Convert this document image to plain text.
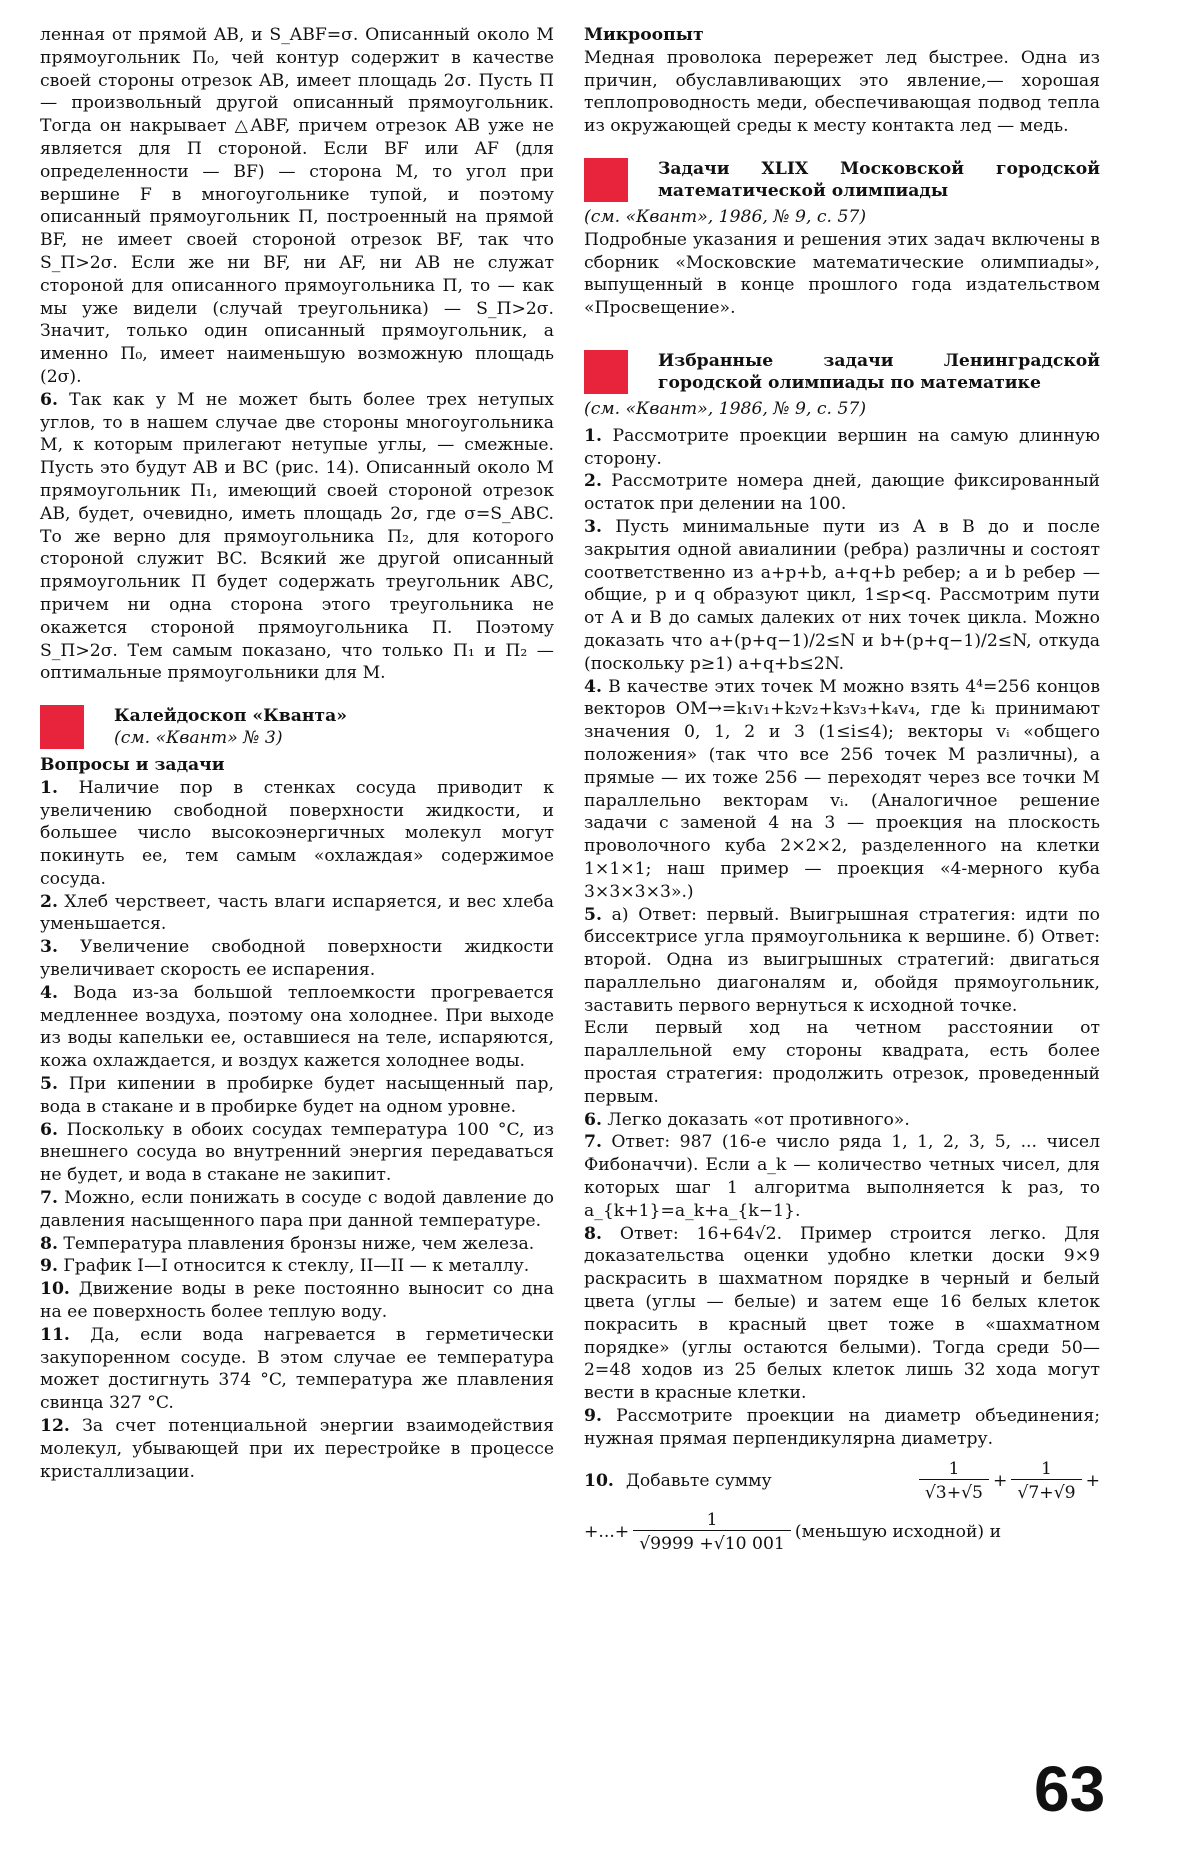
ленная от прямой AB, и S_ABF=σ. Описанный около M прямоугольник Π₀, чей контур содержит в качестве своей стороны отрезок AB, имеет площадь 2σ. Пусть Π — произвольный другой описанный прямоугольник. Тогда он накрывает △ABF, причем отрезок AB уже не является для Π стороной. Если BF или AF (для определенности — BF) — сторона M, то угол при вершине F в многоугольнике тупой, и поэтому описанный прямоугольник Π, построенный на прямой BF, не имеет своей стороной отрезок BF, так что S_Π>2σ. Если же ни BF, ни AF, ни AB не служат стороной для описанного прямоугольника Π, то — как мы уже видели (случай треугольника) — S_Π>2σ. Значит, только один описанный прямоугольник, а именно Π₀, имеет наименьшую возможную площадь (2σ).

6. Так как у M не может быть более трех нетупых углов, то в нашем случае две стороны многоугольника M, к которым прилегают нетупые углы, — смежные. Пусть это будут AB и BC (рис. 14). Описанный около M прямоугольник Π₁, имеющий своей стороной отрезок AB, будет, очевидно, иметь площадь 2σ, где σ=S_ABC. То же верно для прямоугольника Π₂, для которого стороной служит BC. Всякий же другой описанный прямоугольник Π будет содержать треугольник ABC, причем ни одна сторона этого треугольника не окажется стороной прямоугольника Π. Поэтому S_Π>2σ. Тем самым показано, что только Π₁ и Π₂ — оптимальные прямоугольники для M.

Калейдоскоп «Кванта»
(см. «Квант» № 3)

Вопросы и задачи

1. Наличие пор в стенках сосуда приводит к увеличению свободной поверхности жидкости, и большее число высокоэнергичных молекул могут покинуть ее, тем самым «охлаждая» содержимое сосуда.

2. Хлеб черствеет, часть влаги испаряется, и вес хлеба уменьшается.

3. Увеличение свободной поверхности жидкости увеличивает скорость ее испарения.

4. Вода из-за большой теплоемкости прогревается медленнее воздуха, поэтому она холоднее. При выходе из воды капельки ее, оставшиеся на теле, испаряются, кожа охлаждается, и воздух кажется холоднее воды.

5. При кипении в пробирке будет насыщенный пар, вода в стакане и в пробирке будет на одном уровне.

6. Поскольку в обоих сосудах температура 100 °C, из внешнего сосуда во внутренний энергия передаваться не будет, и вода в стакане не закипит.

7. Можно, если понижать в сосуде с водой давление до давления насыщенного пара при данной температуре.

8. Температура плавления бронзы ниже, чем железа.

9. График I—I относится к стеклу, II—II — к металлу.

10. Движение воды в реке постоянно выносит со дна на ее поверхность более теплую воду.

11. Да, если вода нагревается в герметически закупоренном сосуде. В этом случае ее температура может достигнуть 374 °C, температура же плавления свинца 327 °C.

12. За счет потенциальной энергии взаимодействия молекул, убывающей при их перестройке в процессе кристаллизации.

Микроопыт

Медная проволока перережет лед быстрее. Одна из причин, обуславливающих это явление,— хорошая теплопроводность меди, обеспечивающая подвод тепла из окружающей среды к месту контакта лед — медь.

Задачи XLIX Московской городской математической олимпиады

(см. «Квант», 1986, № 9, с. 57)

Подробные указания и решения этих задач включены в сборник «Московские математические олимпиады», выпущенный в конце прошлого года издательством «Просвещение».

Избранные задачи Ленинградской городской олимпиады по математике

(см. «Квант», 1986, № 9, с. 57)

1. Рассмотрите проекции вершин на самую длинную сторону.

2. Рассмотрите номера дней, дающие фиксированный остаток при делении на 100.

3. Пусть минимальные пути из A в B до и после закрытия одной авиалинии (ребра) различны и состоят соответственно из a+p+b, a+q+b ребер; a и b ребер — общие, p и q образуют цикл, 1≤p<q. Рассмотрим пути от A и B до самых далеких от них точек цикла. Можно доказать что a+(p+q−1)/2≤N и b+(p+q−1)/2≤N, откуда (поскольку p≥1) a+q+b≤2N.

4. В качестве этих точек M можно взять 4⁴=256 концов векторов OM→=k₁v₁+k₂v₂+k₃v₃+k₄v₄, где kᵢ принимают значения 0, 1, 2 и 3 (1≤i≤4); векторы vᵢ «общего положения» (так что все 256 точек M различны), а прямые — их тоже 256 — переходят через все точки M параллельно векторам vᵢ. (Аналогичное решение задачи с заменой 4 на 3 — проекция на плоскость проволочного куба 2×2×2, разделенного на клетки 1×1×1; наш пример — проекция «4-мерного куба 3×3×3×3».)

5. а) Ответ: первый. Выигрышная стратегия: идти по биссектрисе угла прямоугольника к вершине. б) Ответ: второй. Одна из выигрышных стратегий: двигаться параллельно диагоналям и, обойдя прямоугольник, заставить первого вернуться к исходной точке.

Если первый ход на четном расстоянии от параллельной ему стороны квадрата, есть более простая стратегия: продолжить отрезок, проведенный первым.

6. Легко доказать «от противного».

7. Ответ: 987 (16-е число ряда 1, 1, 2, 3, 5, ... чисел Фибоначчи). Если a_k — количество четных чисел, для которых шаг 1 алгоритма выполняется k раз, то a_{k+1}=a_k+a_{k−1}.

8. Ответ: 16+64√2. Пример строится легко. Для доказательства оценки удобно клетки доски 9×9 раскрасить в шахматном порядке в черный и белый цвета (углы — белые) и затем еще 16 белых клеток покрасить в красный цвет тоже в «шахматном порядке» (углы остаются белыми). Тогда среди 50—2=48 ходов из 25 белых клеток лишь 32 хода могут вести в красные клетки.

9. Рассмотрите проекции на диаметр объединения; нужная прямая перпендикулярна диаметру.

10. Добавьте сумму	$\frac{1}{√3+√5} + \frac{1}{√7+√9}$ +
+...+ $\frac{1}{√9999 +√10 001}$ (меньшую исходной) и
63
